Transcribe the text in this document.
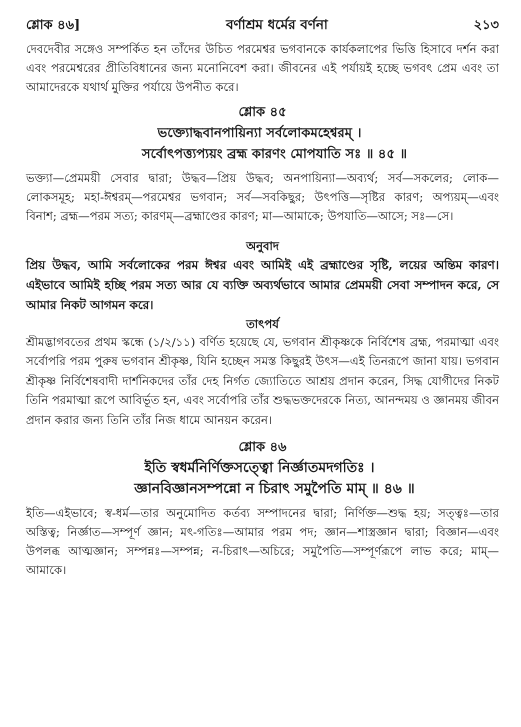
শ্লোক ৪৬]	বর্ণাশ্রম ধর্মের বর্ণনা	২১৩

দেবদেবীর সঙ্গেও সম্পর্কিত হন তাঁদের উচিত পরমেশ্বর ভগবানকে কার্যকলাপের ভিত্তি হিসাবে দর্শন করা এবং পরমেশ্বরের প্রীতিবিধানের জন্য মনোনিবেশ করা। জীবনের এই পর্যায়ই হচ্ছে ভগবৎ প্রেম এবং তা আমাদেরকে যথার্থ মুক্তির পর্যায়ে উপনীত করে।

শ্লোক ৪৫
ভক্ত্যোদ্ধবানপায়িন্যা সর্বলোকমহেশ্বরম্ ।
সর্বোৎপত্ত্যপ্যয়ং ব্রহ্ম কারণং মোপযাতি সঃ ॥ ৪৫ ॥

ভক্ত্যা—প্রেমময়ী সেবার দ্বারা; উদ্ধব—প্রিয় উদ্ধব; অনপায়িন্যা—অব্যর্থ; সর্ব—সকলের; লোক—লোকসমূহ; মহা-ঈশ্বরম্—পরমেশ্বর ভগবান; সর্ব—সবকিছুর; উৎপত্তি—সৃষ্টির কারণ; অপ্যয়ম্—এবং বিনাশ; ব্রহ্ম—পরম সত্য; কারণম্—ব্রহ্মাণ্ডের কারণ; মা—আমাকে; উপযাতি—আসে; সঃ—সে।

অনুবাদ

প্রিয় উদ্ধব, আমি সর্বলোকের পরম ঈশ্বর এবং আমিই এই ব্রহ্মাণ্ডের সৃষ্টি, লয়ের অন্তিম কারণ। এইভাবে আমিই হচ্ছি পরম সত্য আর যে ব্যক্তি অব্যর্থভাবে আমার প্রেমময়ী সেবা সম্পাদন করে, সে আমার নিকট আগমন করে।

তাৎপর্য

শ্রীমদ্ভাগবতের প্রথম স্কন্ধে (১/২/১১) বর্ণিত হয়েছে যে, ভগবান শ্রীকৃষ্ণকে নির্বিশেষ ব্রহ্ম, পরমাত্মা এবং সর্বোপরি পরম পুরুষ ভগবান শ্রীকৃষ্ণ, যিনি হচ্ছেন সমস্ত কিছুরই উৎস—এই তিনরূপে জানা যায়। ভগবান শ্রীকৃষ্ণ নির্বিশেষবাদী দার্শনিকদের তাঁর দেহ নির্গত জ্যোতিতে আশ্রয় প্রদান করেন, সিদ্ধ যোগীদের নিকট তিনি পরমাত্মা রূপে আবির্ভূত হন, এবং সর্বোপরি তাঁর শুদ্ধভক্তদেরকে নিত্য, আনন্দময় ও জ্ঞানময় জীবন প্রদান করার জন্য তিনি তাঁর নিজ ধামে আনয়ন করেন।

শ্লোক ৪৬
ইতি স্বধর্মনির্ণিক্তসত্ত্বো নির্জ্ঞাতমদগতিঃ ।
জ্ঞানবিজ্ঞানসম্পন্নো ন চিরাৎ সমুপৈতি মাম্ ॥ ৪৬ ॥

ইতি—এইভাবে; স্ব-ধর্ম—তার অনুমোদিত কর্তব্য সম্পাদনের দ্বারা; নির্ণিক্ত—শুদ্ধ হয়; সত্ত্বঃ—তার অস্তিত্ব; নির্জ্ঞাত—সম্পূর্ণ জ্ঞান; মৎ-গতিঃ—আমার পরম পদ; জ্ঞান—শাস্ত্রজ্ঞান দ্বারা; বিজ্ঞান—এবং উপলব্ধ আত্মজ্ঞান; সম্পন্নঃ—সম্পন্ন; ন-চিরাৎ—অচিরে; সমুপৈতি—সম্পূর্ণরূপে লাভ করে; মাম্—আমাকে।
